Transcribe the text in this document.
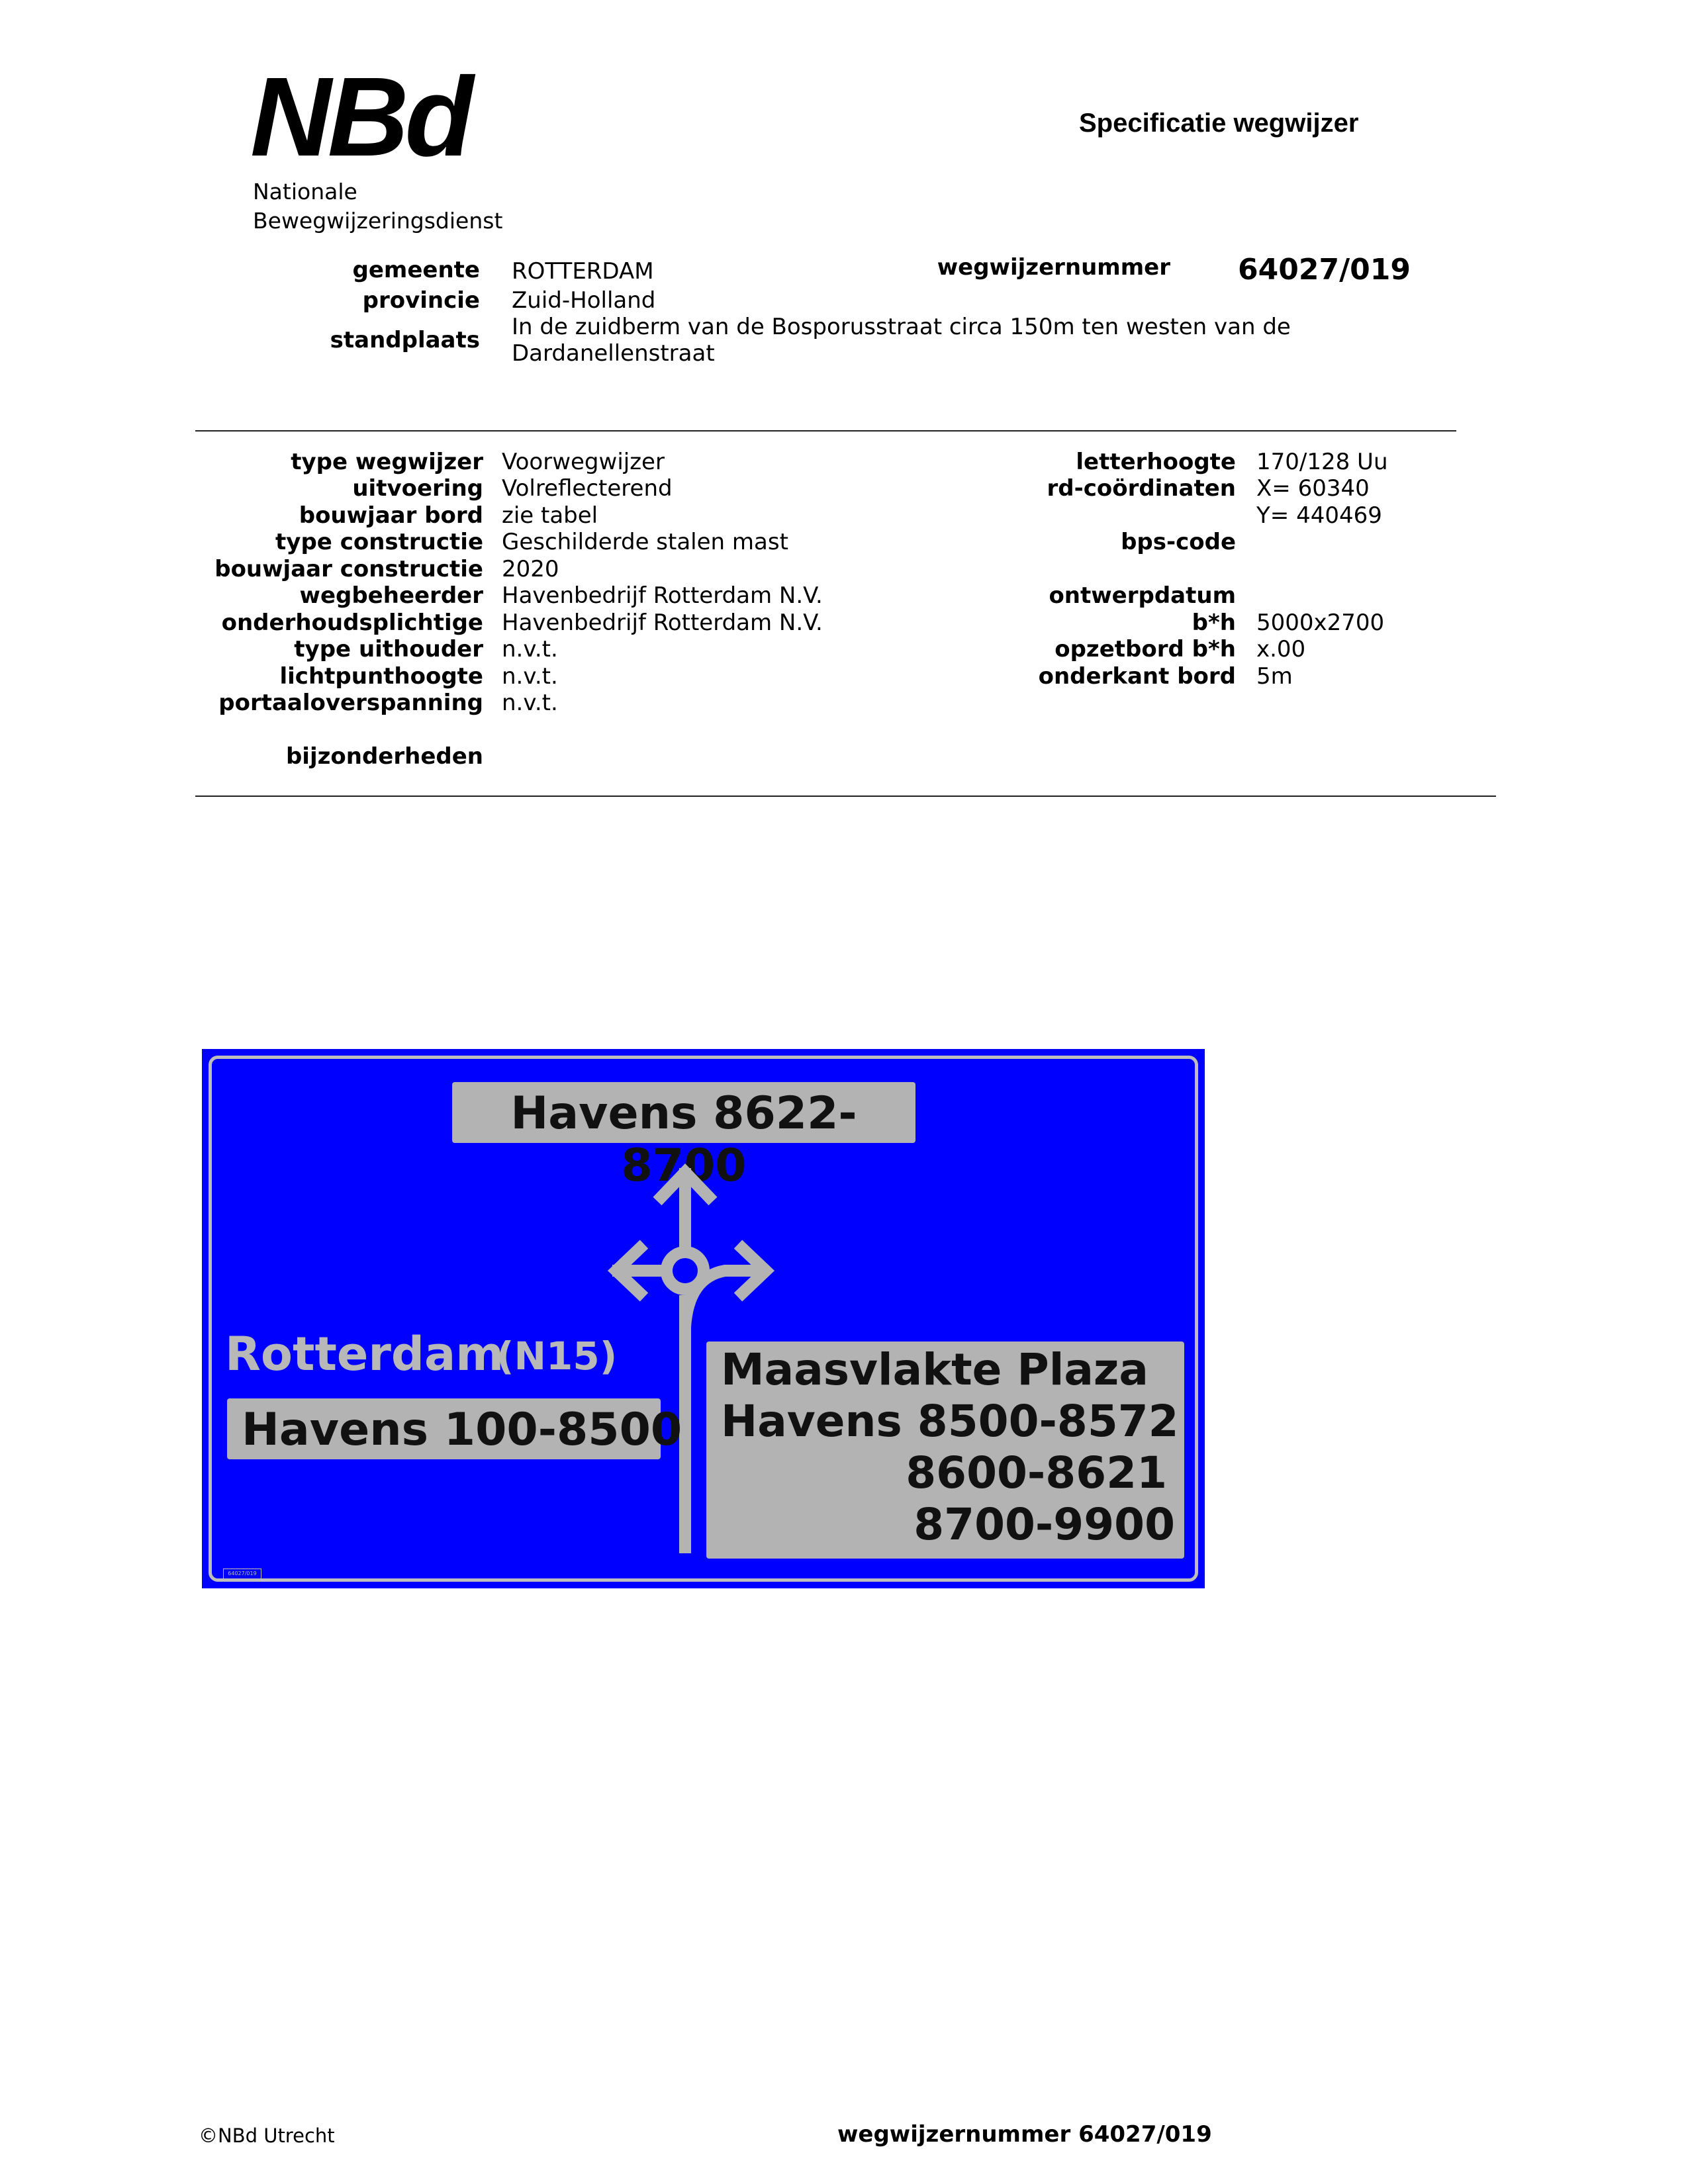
NBd
Nationale
Bewegwijzeringsdienst
Specificatie wegwijzer
gemeente ROTTERDAM
provincie Zuid-Holland
standplaats In de zuidberm van de Bosporusstraat circa 150m ten westen van de
Dardanellenstraat
wegwijzernummer 64027/019
type wegwijzer Voorwegwijzer
uitvoering Volreflecterend
bouwjaar bord zie tabel
type constructie Geschilderde stalen mast
bouwjaar constructie 2020
wegbeheerder Havenbedrijf Rotterdam N.V.
onderhoudsplichtige Havenbedrijf Rotterdam N.V.
type uithouder n.v.t.
lichtpunthoogte n.v.t.
portaaloverspanning n.v.t.
letterhoogte 170/128 Uu
rd-coördinaten X= 60340
Y= 440469
bps-code
ontwerpdatum
b*h 5000x2700
opzetbord b*h x.00
onderkant bord 5m
bijzonderheden
Havens 8622-8700
Rotterdam
(N15)
Havens 100-8500
Maasvlakte Plaza
Havens 8500-8572
8600-8621
8700-9900
64027/019
©NBd Utrecht	wegwijzernummer 64027/019
